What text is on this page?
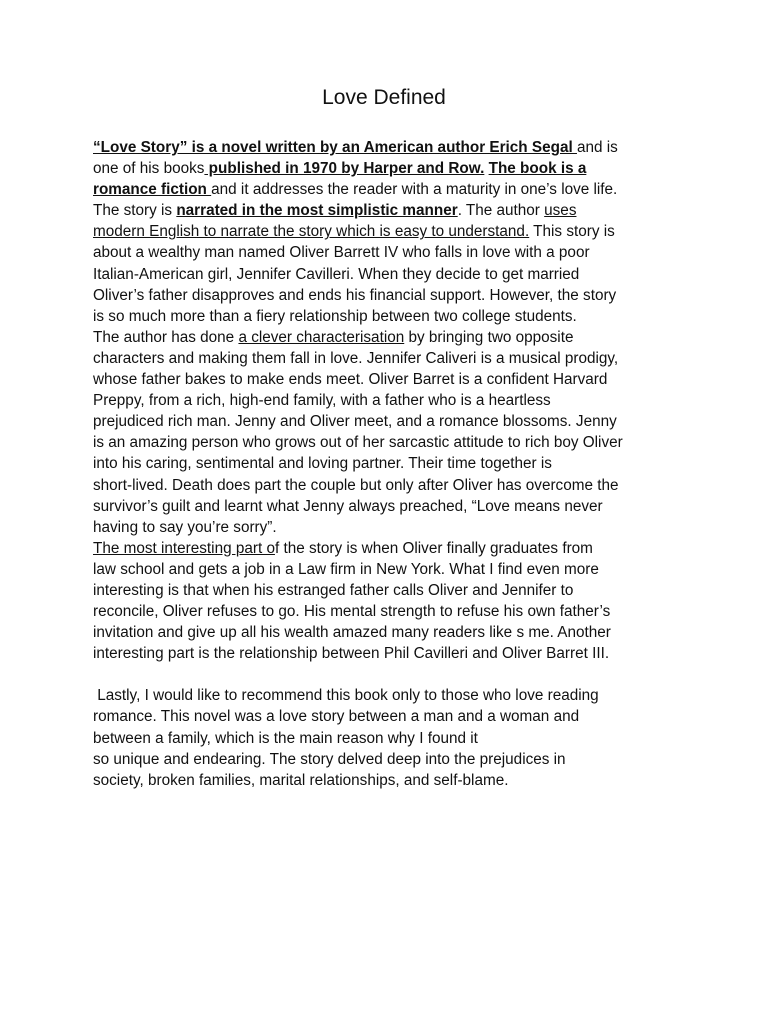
Love Defined
“Love Story” is a novel written by an American author Erich Segal and is
one of his books published in 1970 by Harper and Row. The book is a
romance fiction and it addresses the reader with a maturity in one’s love life.
The story is narrated in the most simplistic manner. The author uses
modern English to narrate the story which is easy to understand. This story is
about a wealthy man named Oliver Barrett IV who falls in love with a poor
Italian-American girl, Jennifer Cavilleri. When they decide to get married
Oliver’s father disapproves and ends his financial support. However, the story
is so much more than a fiery relationship between two college students.
The author has done a clever characterisation by bringing two opposite
characters and making them fall in love. Jennifer Caliveri is a musical prodigy,
whose father bakes to make ends meet. Oliver Barret is a confident Harvard
Preppy, from a rich, high-end family, with a father who is a heartless
prejudiced rich man. Jenny and Oliver meet, and a romance blossoms. Jenny
is an amazing person who grows out of her sarcastic attitude to rich boy Oliver
into his caring, sentimental and loving partner. Their time together is
short-lived. Death does part the couple but only after Oliver has overcome the
survivor’s guilt and learnt what Jenny always preached, “Love means never
having to say you’re sorry”.
The most interesting part of the story is when Oliver finally graduates from
law school and gets a job in a Law firm in New York. What I find even more
interesting is that when his estranged father calls Oliver and Jennifer to
reconcile, Oliver refuses to go. His mental strength to refuse his own father’s
invitation and give up all his wealth amazed many readers like s me. Another
interesting part is the relationship between Phil Cavilleri and Oliver Barret III.
Lastly, I would like to recommend this book only to those who love reading
romance. This novel was a love story between a man and a woman and
between a family, which is the main reason why I found it
so unique and endearing. The story delved deep into the prejudices in
society, broken families, marital relationships, and self-blame.
